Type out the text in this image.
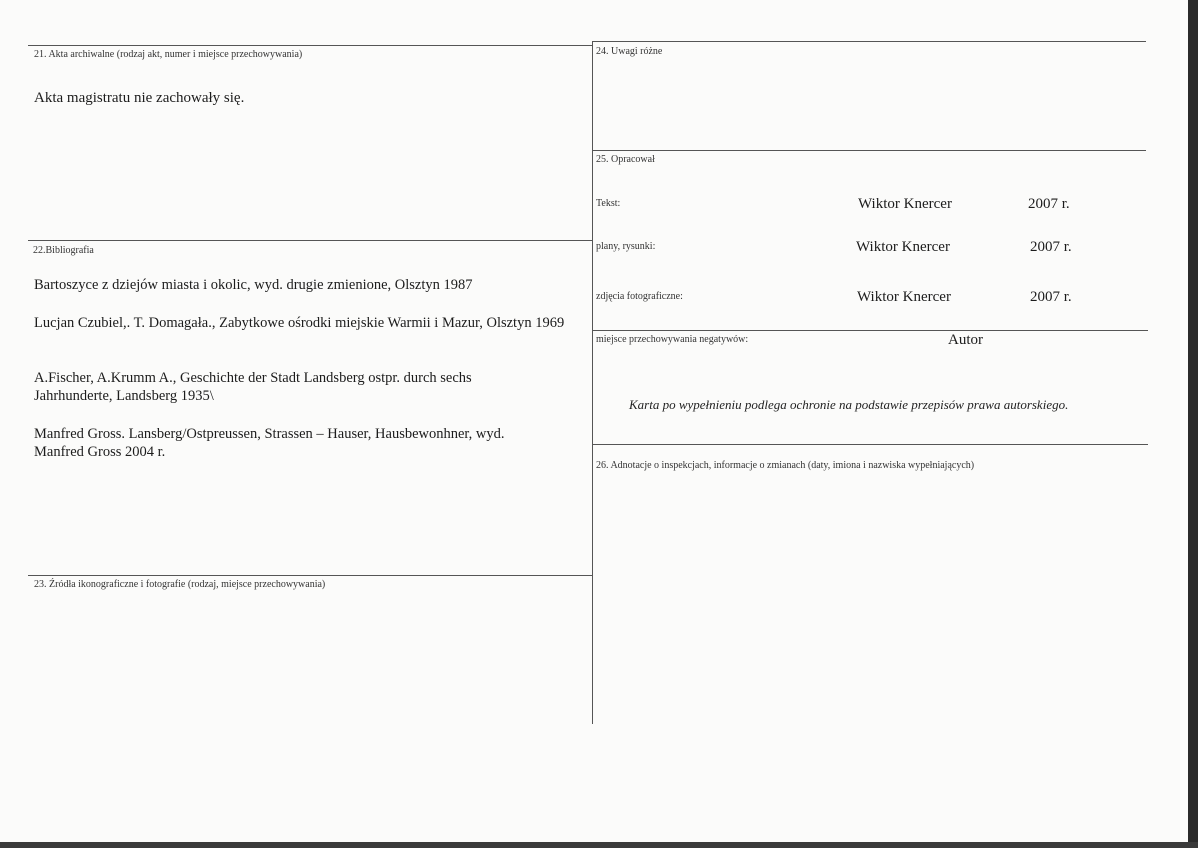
21. Akta archiwalne (rodzaj akt, numer i miejsce przechowywania)
Akta magistratu nie zachowały się.
22.Bibliografia
Bartoszyce z dziejów miasta i okolic, wyd. drugie zmienione, Olsztyn 1987
Lucjan Czubiel,. T. Domagała., Zabytkowe ośrodki miejskie Warmii i Mazur, Olsztyn 1969
A.Fischer, A.Krumm A., Geschichte der Stadt Landsberg ostpr. durch sechs Jahrhunderte, Landsberg 1935\
Manfred Gross. Lansberg/Ostpreussen, Strassen – Hauser, Hausbewonhner, wyd. Manfred Gross 2004 r.
23. Źródła ikonograficzne i fotografie (rodzaj, miejsce przechowywania)
24. Uwagi różne
25. Opracował
Tekst:	Wiktor Knercer	2007 r.
plany, rysunki:	Wiktor Knercer	2007 r.
zdjęcia fotograficzne:	Wiktor Knercer	2007 r.
miejsce przechowywania negatywów:	Autor
Karta po wypełnieniu podlega ochronie na podstawie przepisów prawa autorskiego.
26. Adnotacje o inspekcjach, informacje o zmianach (daty, imiona i nazwiska wypełniających)
